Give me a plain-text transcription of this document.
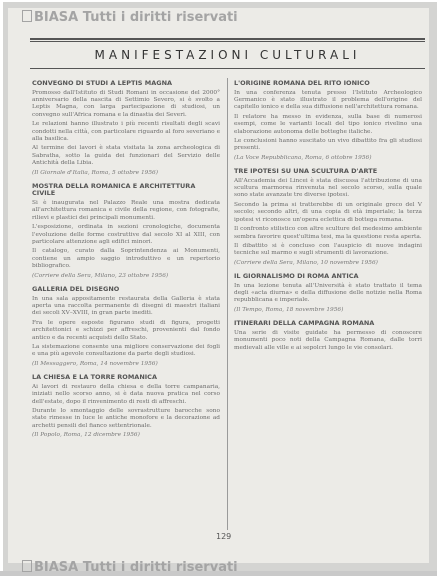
BIASA Tutti i diritti riservati
MANIFESTAZIONI CULTURALI
CONVEGNO DI STUDI A LEPTIS MAGNA

Promosso dall'Istituto di Studi Romani in occasione del 2000° anniversario della nascita di Settimio Severo, si è svolto a Leptis Magna, con larga partecipazione di studiosi, un convegno sull'Africa romana e la dinastia dei Severi.

Le relazioni hanno illustrato i più recenti risultati degli scavi condotti nella città, con particolare riguardo al foro severiano e alla basilica.

Al termine dei lavori è stata visitata la zona archeologica di Sabratha, sotto la guida dei funzionari del Servizio delle Antichità della Libia.

(Il Giornale d'Italia, Roma, 5 ottobre 1956)

MOSTRA DELLA ROMANICA E ARCHITETTURA CIVILE

Si è inaugurata nel Palazzo Reale una mostra dedicata all'architettura romanica e civile della regione, con fotografie, rilievi e plastici dei principali monumenti.

L'esposizione, ordinata in sezioni cronologiche, documenta l'evoluzione delle forme costruttive dal secolo XI al XIII, con particolare attenzione agli edifici minori.

Il catalogo, curato dalla Soprintendenza ai Monumenti, contiene un ampio saggio introduttivo e un repertorio bibliografico.

(Corriere della Sera, Milano, 23 ottobre 1956)

GALLERIA DEL DISEGNO

In una sala appositamente restaurata della Galleria è stata aperta una raccolta permanente di disegni di maestri italiani dei secoli XV–XVIII, in gran parte inediti.

Fra le opere esposte figurano studi di figura, progetti architettonici e schizzi per affreschi, provenienti dal fondo antico e da recenti acquisti dello Stato.

La sistemazione consente una migliore conservazione dei fogli e una più agevole consultazione da parte degli studiosi.

(Il Messaggero, Roma, 14 novembre 1956)

LA CHIESA E LA TORRE ROMANICA

Ai lavori di restauro della chiesa e della torre campanaria, iniziati nello scorso anno, si è data nuova pratica nel corso dell'estate, dopo il rinvenimento di resti di affreschi.

Durante lo smontaggio delle sovrastrutture barocche sono state rimesse in luce le antiche monofore e la decorazione ad archetti pensili del fianco settentrionale.

(Il Popolo, Roma, 12 dicembre 1956)

L'ORIGINE ROMANA DEL RITO IONICO

In una conferenza tenuta presso l'Istituto Archeologico Germanico è stato illustrato il problema dell'origine del capitello ionico e della sua diffusione nell'architettura romana.

Il relatore ha messo in evidenza, sulla base di numerosi esempi, come le varianti locali del tipo ionico rivelino una elaborazione autonoma delle botteghe italiche.

Le conclusioni hanno suscitato un vivo dibattito fra gli studiosi presenti.

(La Voce Repubblicana, Roma, 6 ottobre 1956)

TRE IPOTESI SU UNA SCULTURA D'ARTE

All'Accademia dei Lincei è stata discussa l'attribuzione di una scultura marmorea rinvenuta nel secolo scorso, sulla quale sono state avanzate tre diverse ipotesi.

Secondo la prima si tratterebbe di un originale greco del V secolo; secondo altri, di una copia di età imperiale; la terza ipotesi vi riconosce un'opera eclettica di bottega romana.

Il confronto stilistico con altre sculture del medesimo ambiente sembra favorire quest'ultima tesi, ma la questione resta aperta.

Il dibattito si è concluso con l'auspicio di nuove indagini tecniche sul marmo e sugli strumenti di lavorazione.

(Corriere della Sera, Milano, 10 novembre 1956)

IL GIORNALISMO DI ROMA ANTICA

In una lezione tenuta all'Università è stato trattato il tema degli «acta diurna» e della diffusione delle notizie nella Roma repubblicana e imperiale.

(Il Tempo, Roma, 18 novembre 1956)

ITINERARI DELLA CAMPAGNA ROMANA

Una serie di visite guidate ha permesso di conoscere monumenti poco noti della Campagna Romana, dalle torri medievali alle ville e ai sepolcri lungo le vie consolari.

129
BIASA Tutti i diritti riservati
